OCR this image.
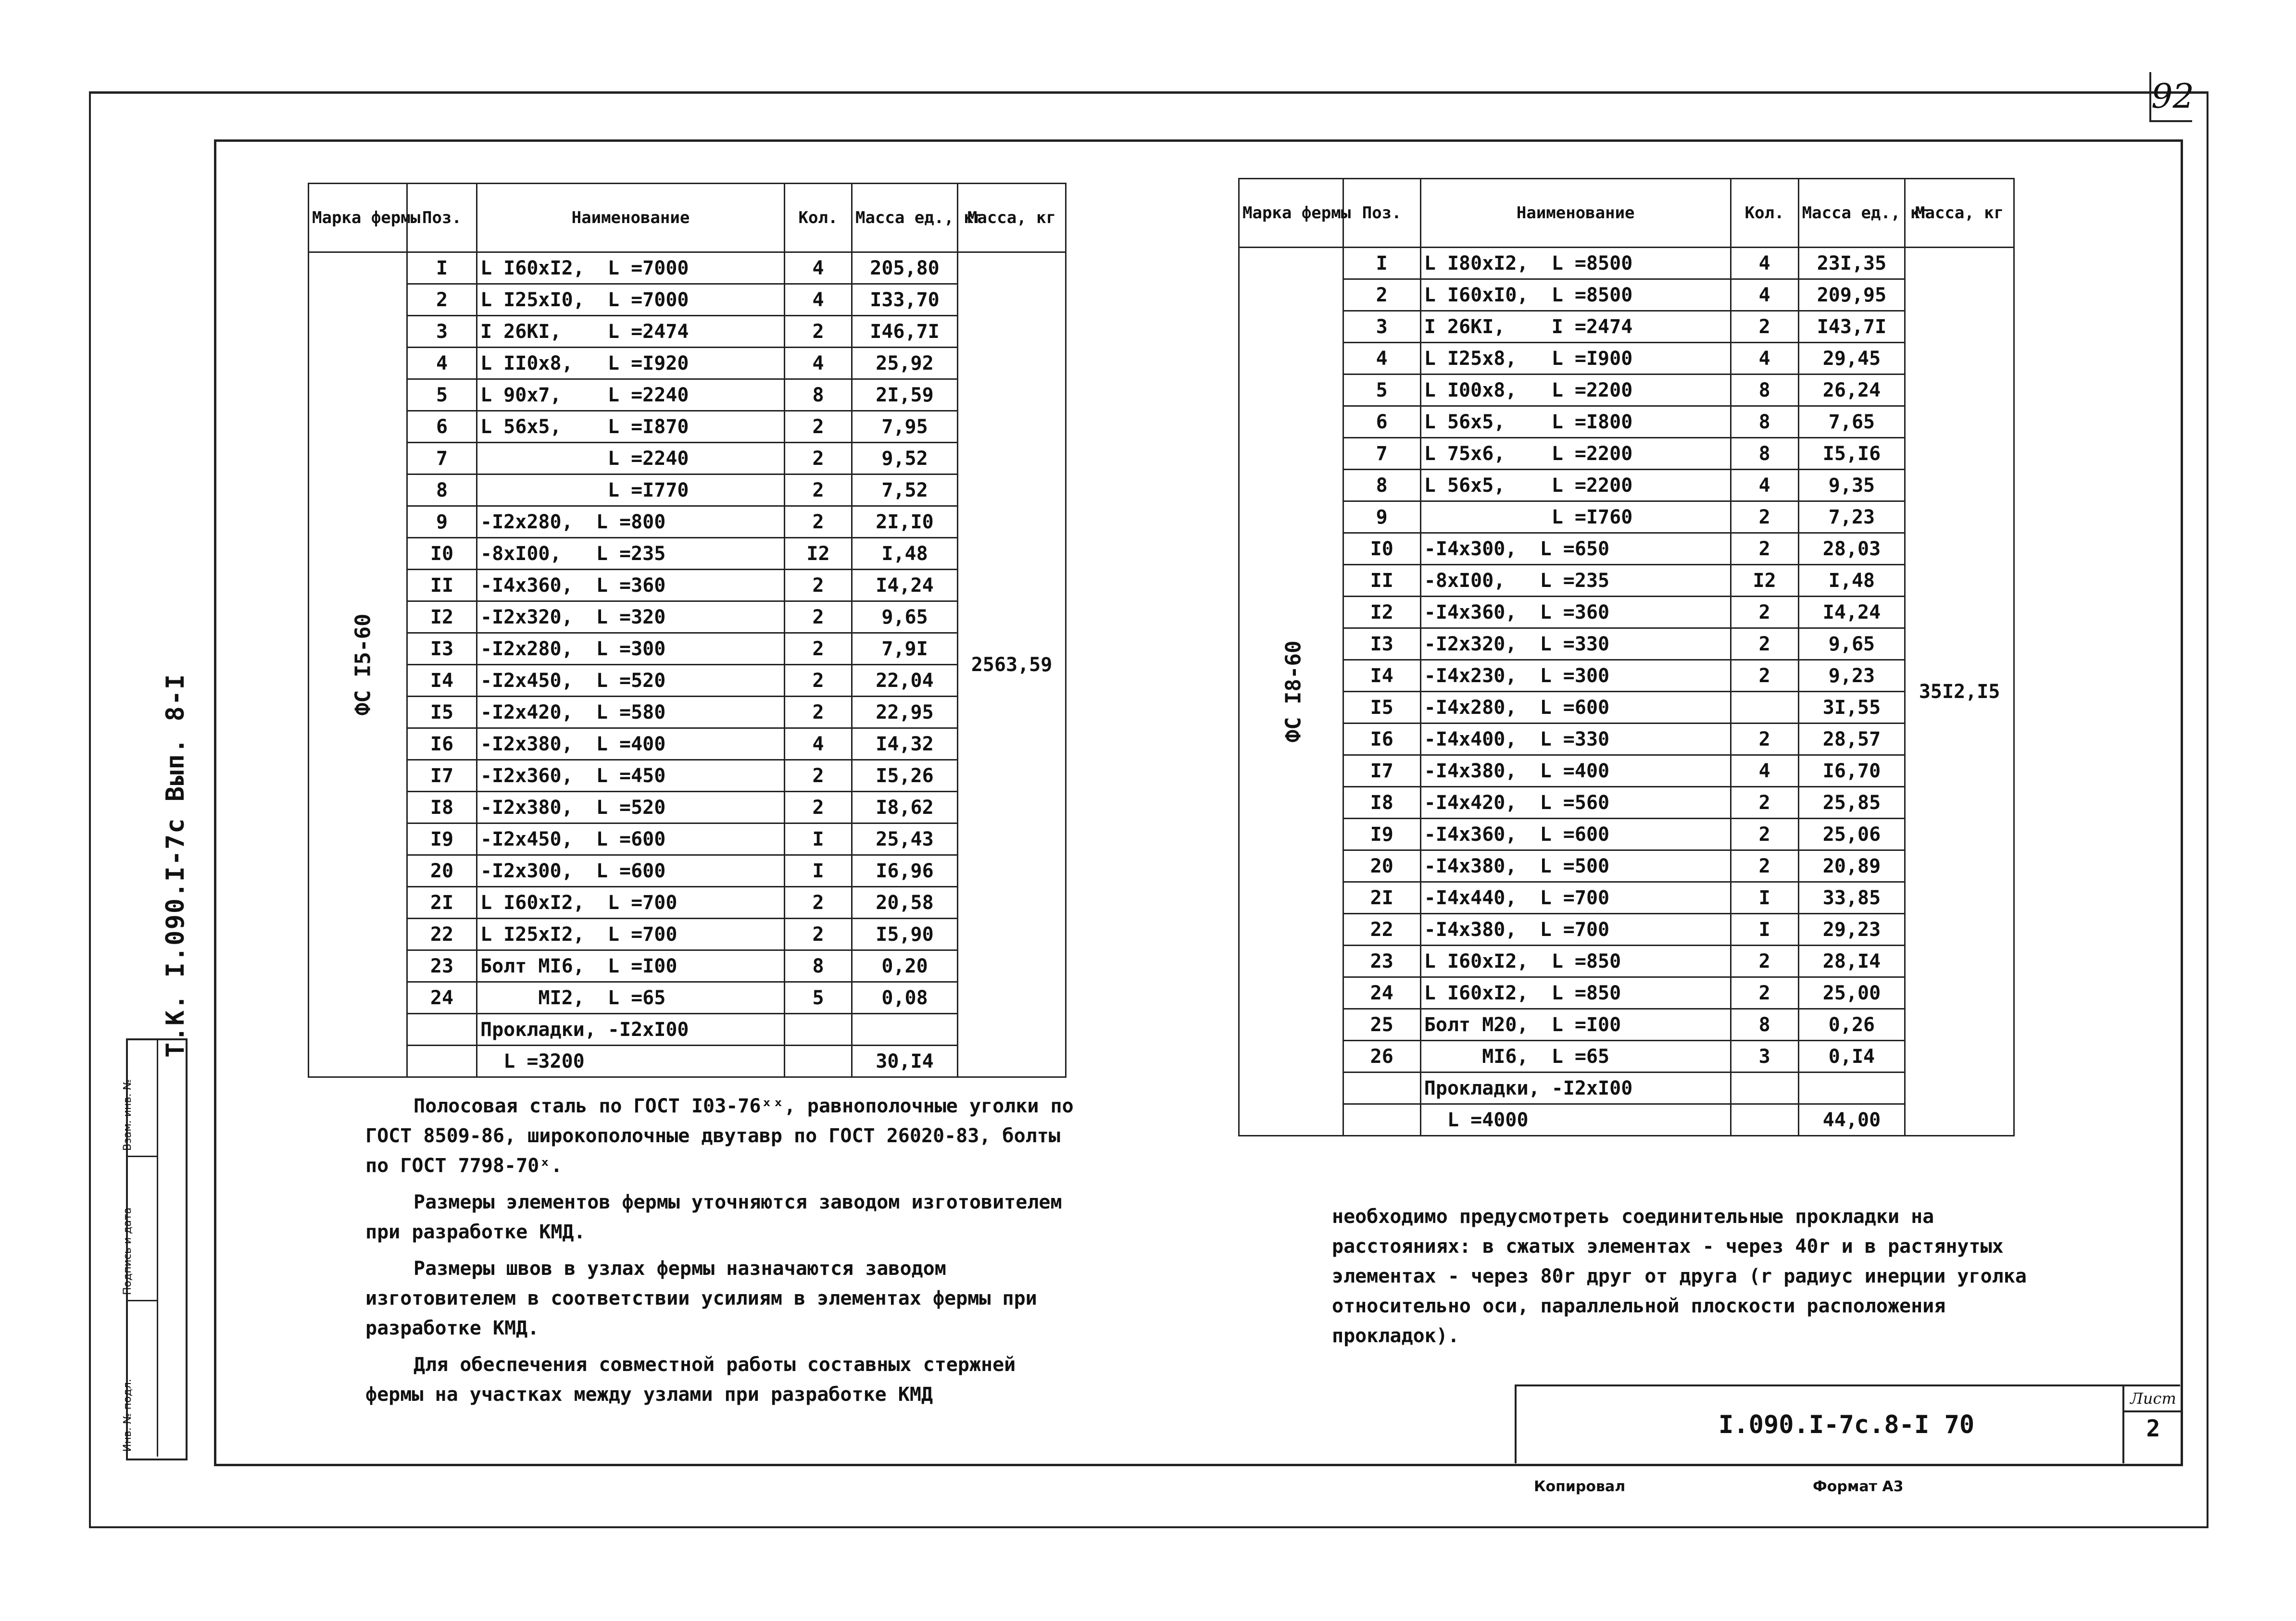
92
Т.К. I.090.I-7с Вып. 8-I
Взам. инв. №
Подпись и дата
Инв. № подл.
Марка фермы	Поз.	Наименование	Кол.	Масса ед., кг	Масса, кг
ФС I5-60	I	L I60xI2,  L =7000	4	205,80	2563,59
	2	L I25xI0,  L =7000	4	I33,70	
	3	I 26KI,    L =2474	2	I46,7I	
	4	L II0x8,   L =I920	4	25,92	
	5	L 90x7,    L =2240	8	2I,59	
	6	L 56x5,    L =I870	2	7,95	
	7	L =2240	2	9,52	
	8	L =I770	2	7,52	
	9	-I2x280,  L =800	2	2I,I0	
	I0	-8xI00,   L =235	I2	I,48	
	II	-I4x360,  L =360	2	I4,24	
	I2	-I2x320,  L =320	2	9,65	
	I3	-I2x280,  L =300	2	7,9I	
	I4	-I2x450,  L =520	2	22,04	
	I5	-I2x420,  L =580	2	22,95	
	I6	-I2x380,  L =400	4	I4,32	
	I7	-I2x360,  L =450	2	I5,26	
	I8	-I2x380,  L =520	2	I8,62	
	I9	-I2x450,  L =600	I	25,43	
	20	-I2x300,  L =600	I	I6,96	
	2I	L I60xI2,  L =700	2	20,58	
	22	L I25xI2,  L =700	2	I5,90	
	23	Болт МI6,  L =I00	8	0,20	
	24	МI2,  L =65	5	0,08	
		Прокладки, -I2xI00			
		L =3200		30,I4	
Марка фермы	Поз.	Наименование	Кол.	Масса ед., кг	Масса, кг
ФС I8-60	I	L I80xI2,  L =8500	4	23I,35	35I2,I5
	2	L I60xI0,  L =8500	4	209,95	
	3	I 26KI,    I =2474	2	I43,7I	
	4	L I25x8,   L =I900	4	29,45	
	5	L I00x8,   L =2200	8	26,24	
	6	L 56x5,    L =I800	8	7,65	
	7	L 75x6,    L =2200	8	I5,I6	
	8	L 56x5,    L =2200	4	9,35	
	9	L =I760	2	7,23	
	I0	-I4x300,  L =650	2	28,03	
	II	-8xI00,   L =235	I2	I,48	
	I2	-I4x360,  L =360	2	I4,24	
	I3	-I2x320,  L =330	2	9,65	
	I4	-I4x230,  L =300	2	9,23	
	I5	-I4x280,  L =600		3I,55	
	I6	-I4x400,  L =330	2	28,57	
	I7	-I4x380,  L =400	4	I6,70	
	I8	-I4x420,  L =560	2	25,85	
	I9	-I4x360,  L =600	2	25,06	
	20	-I4x380,  L =500	2	20,89	
	2I	-I4x440,  L =700	I	33,85	
	22	-I4x380,  L =700	I	29,23	
	23	L I60xI2,  L =850	2	28,I4	
	24	L I60xI2,  L =850	2	25,00	
	25	Болт М20,  L =I00	8	0,26	
	26	МI6,  L =65	3	0,I4	
		Прокладки, -I2xI00			
		L =4000		44,00	

Полосовая сталь по ГОСТ I03-76ˣˣ, равнополочные уголки по ГОСТ 8509-86, широкополочные двутавр по ГОСТ 26020-83, болты по ГОСТ 7798-70ˣ.

Размеры элементов фермы уточняются заводом изготовителем при разработке КМД.

Размеры швов в узлах фермы назначаются заводом изготовителем в соответствии усилиям в элементах фермы при разработке КМД.

Для обеспечения совместной работы составных стержней фермы на участках между узлами при разработке КМД

необходимо предусмотреть соединительные прокладки на расстояниях: в сжатых элементах - через 40r и в растянутых элементах - через 80r друг от друга (r радиус инерции уголка относительно оси, параллельной плоскости расположения прокладок).

I.090.I-7с.8-I 70
Лист
2
Копировал	Формат А3
